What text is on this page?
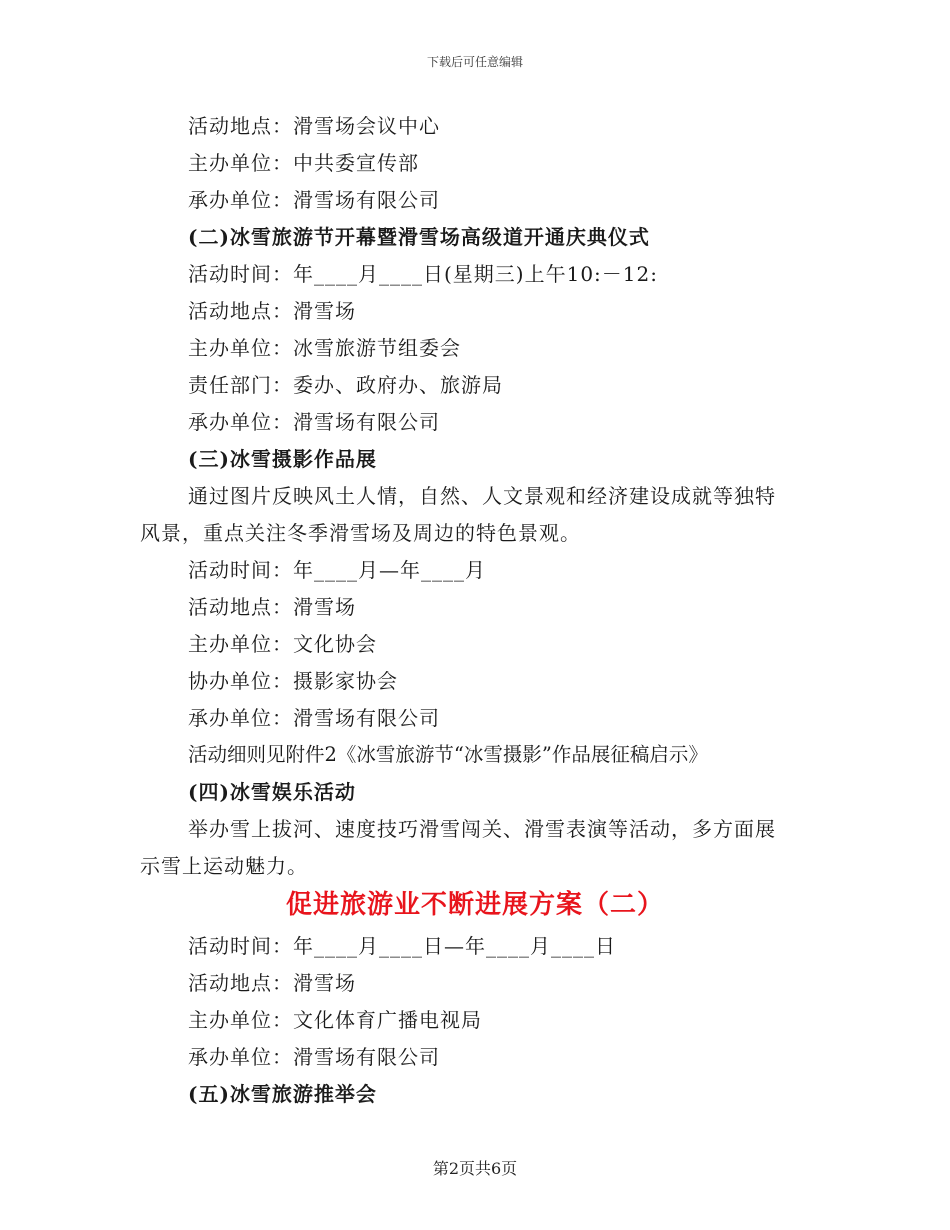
下载后可任意编辑
活动地点：滑雪场会议中心
主办单位：中共委宣传部
承办单位：滑雪场有限公司
(二)冰雪旅游节开幕暨滑雪场高级道开通庆典仪式
活动时间：年____月____日(星期三)上午10:－12:
活动地点：滑雪场
主办单位：冰雪旅游节组委会
责任部门：委办、政府办、旅游局
承办单位：滑雪场有限公司
(三)冰雪摄影作品展
通过图片反映风土人情，自然、人文景观和经济建设成就等独特
风景，重点关注冬季滑雪场及周边的特色景观。
活动时间：年____月—年____月
活动地点：滑雪场
主办单位：文化协会
协办单位：摄影家协会
承办单位：滑雪场有限公司
活动细则见附件2《冰雪旅游节“冰雪摄影”作品展征稿启示》
(四)冰雪娱乐活动
举办雪上拔河、速度技巧滑雪闯关、滑雪表演等活动，多方面展
示雪上运动魅力。
促进旅游业不断进展方案（二）
活动时间：年____月____日—年____月____日
活动地点：滑雪场
主办单位：文化体育广播电视局
承办单位：滑雪场有限公司
(五)冰雪旅游推举会
第2页共6页
